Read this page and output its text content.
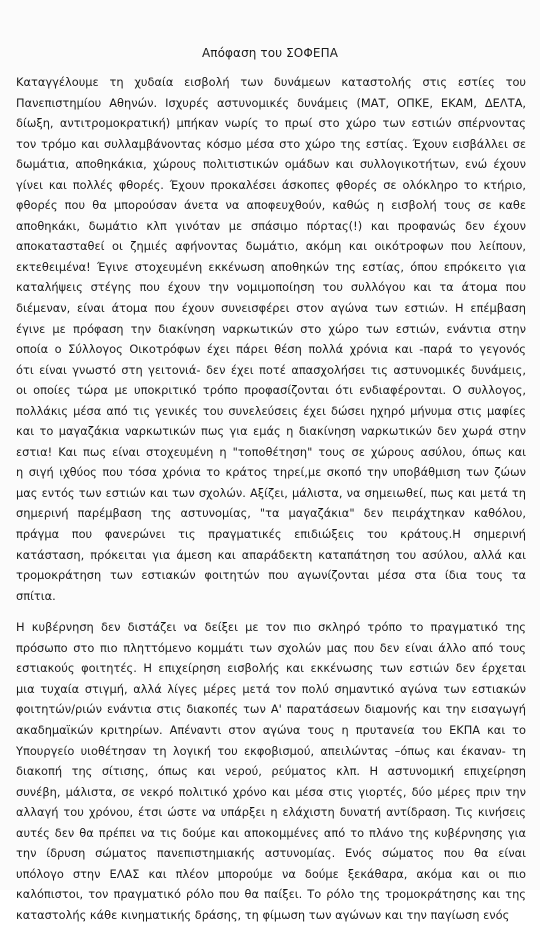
Απόφαση του ΣΟΦΕΠΑ

Καταγγέλουμε τη χυδαία εισβολή των δυνάμεων καταστολής στις εστίες του
Πανεπιστημίου Αθηνών. Ισχυρές αστυνομικές δυνάμεις (ΜΑΤ, ΟΠΚΕ, ΕΚΑΜ, ΔΕΛΤΑ,
δίωξη, αντιτρομοκρατική) μπήκαν νωρίς το πρωί στο χώρο των εστιών σπέρνοντας
τον τρόμο και συλλαμβάνοντας κόσμο μέσα στο χώρο της εστίας. Έχουν εισβάλλει σε
δωμάτια, αποθηκάκια, χώρους πολιτιστικών ομάδων και συλλογικοτήτων, ενώ έχουν
γίνει και πολλές φθορές. Έχουν προκαλέσει άσκοπες φθορές σε ολόκληρο το κτήριο,
φθορές που θα μπορούσαν άνετα να αποφευχθούν, καθώς η εισβολή τους σε καθε
αποθηκάκι, δωμάτιο κλπ γινόταν με σπάσιμο πόρτας(!) και προφανώς δεν έχουν
αποκατασταθεί οι ζημιές αφήνοντας δωμάτιο, ακόμη και οικότροφων που λείπουν,
εκτεθειμένα! Έγινε στοχευμένη εκκένωση αποθηκών της εστίας, όπου επρόκειτο για
καταλήψεις στέγης που έχουν την νομιμοποίηση του συλλόγου και τα άτομα που
διέμεναν, είναι άτομα που έχουν συνεισφέρει στον αγώνα των εστιών. Η επέμβαση
έγινε με πρόφαση την διακίνηση ναρκωτικών στο χώρο των εστιών, ενάντια στην
οποία ο Σύλλογος Οικοτρόφων έχει πάρει θέση πολλά χρόνια και -παρά το γεγονός
ότι είναι γνωστό στη γειτονιά- δεν έχει ποτέ απασχολήσει τις αστυνομικές δυνάμεις,
οι οποίες τώρα με υποκριτικό τρόπο προφασίζονται ότι ενδιαφέρονται. Ο συλλογος,
πολλάκις μέσα από τις γενικές του συνελεύσεις έχει δώσει ηχηρό μήνυμα στις μαφίες
και το μαγαζάκια ναρκωτικών πως για εμάς η διακίνηση ναρκωτικών δεν χωρά στην
εστια! Και πως είναι στοχευμένη η "τοποθέτηση" τους σε χώρους ασύλου, όπως και
η σιγή ιχθύος που τόσα χρόνια το κράτος τηρεί,με σκοπό την υποβάθμιση των ζώων
μας εντός των εστιών και των σχολών. Αξίζει, μάλιστα, να σημειωθεί, πως και μετά τη
σημερινή παρέμβαση της αστυνομίας, "τα μαγαζάκια" δεν πειράχτηκαν καθόλου,
πράγμα που φανερώνει τις πραγματικές επιδιώξεις του κράτους.Η σημερινή
κατάσταση, πρόκειται για άμεση και απαράδεκτη καταπάτηση του ασύλου, αλλά και
τρομοκράτηση των εστιακών φοιτητών που αγωνίζονται μέσα στα ίδια τους τα
σπίτια.

Η κυβέρνηση δεν διστάζει να δείξει με τον πιο σκληρό τρόπο το πραγματικό της
πρόσωπο στο πιο πληττόμενο κομμάτι των σχολών μας που δεν είναι άλλο από τους
εστιακούς φοιτητές. Η επιχείρηση εισβολής και εκκένωσης των εστιών δεν έρχεται
μια τυχαία στιγμή, αλλά λίγες μέρες μετά τον πολύ σημαντικό αγώνα των εστιακών
φοιτητών/ριών ενάντια στις διακοπές των Α' παρατάσεων διαμονής και την εισαγωγή
ακαδημαϊκών κριτηρίων. Απέναντι στον αγώνα τους η πρυτανεία του ΕΚΠΑ και το
Υπουργείο υιοθέτησαν τη λογική του εκφοβισμού, απειλώντας –όπως και έκαναν- τη
διακοπή της σίτισης, όπως και νερού, ρεύματος κλπ. Η αστυνομική επιχείρηση
συνέβη, μάλιστα, σε νεκρό πολιτικό χρόνο και μέσα στις γιορτές, δύο μέρες πριν την
αλλαγή του χρόνου, έτσι ώστε να υπάρξει η ελάχιστη δυνατή αντίδραση. Τις κινήσεις
αυτές δεν θα πρέπει να τις δούμε και αποκομμένες από το πλάνο της κυβέρνησης για
την ίδρυση σώματος πανεπιστημιακής αστυνομίας. Ενός σώματος που θα είναι
υπόλογο στην ΕΛΑΣ και πλέον μπορούμε να δούμε ξεκάθαρα, ακόμα και οι πιο
καλόπιστοι, τον πραγματικό ρόλο που θα παίξει. Το ρόλο της τρομοκράτησης και της
καταστολής κάθε κινηματικής δράσης, τη φίμωση των αγώνων και την παγίωση ενός
